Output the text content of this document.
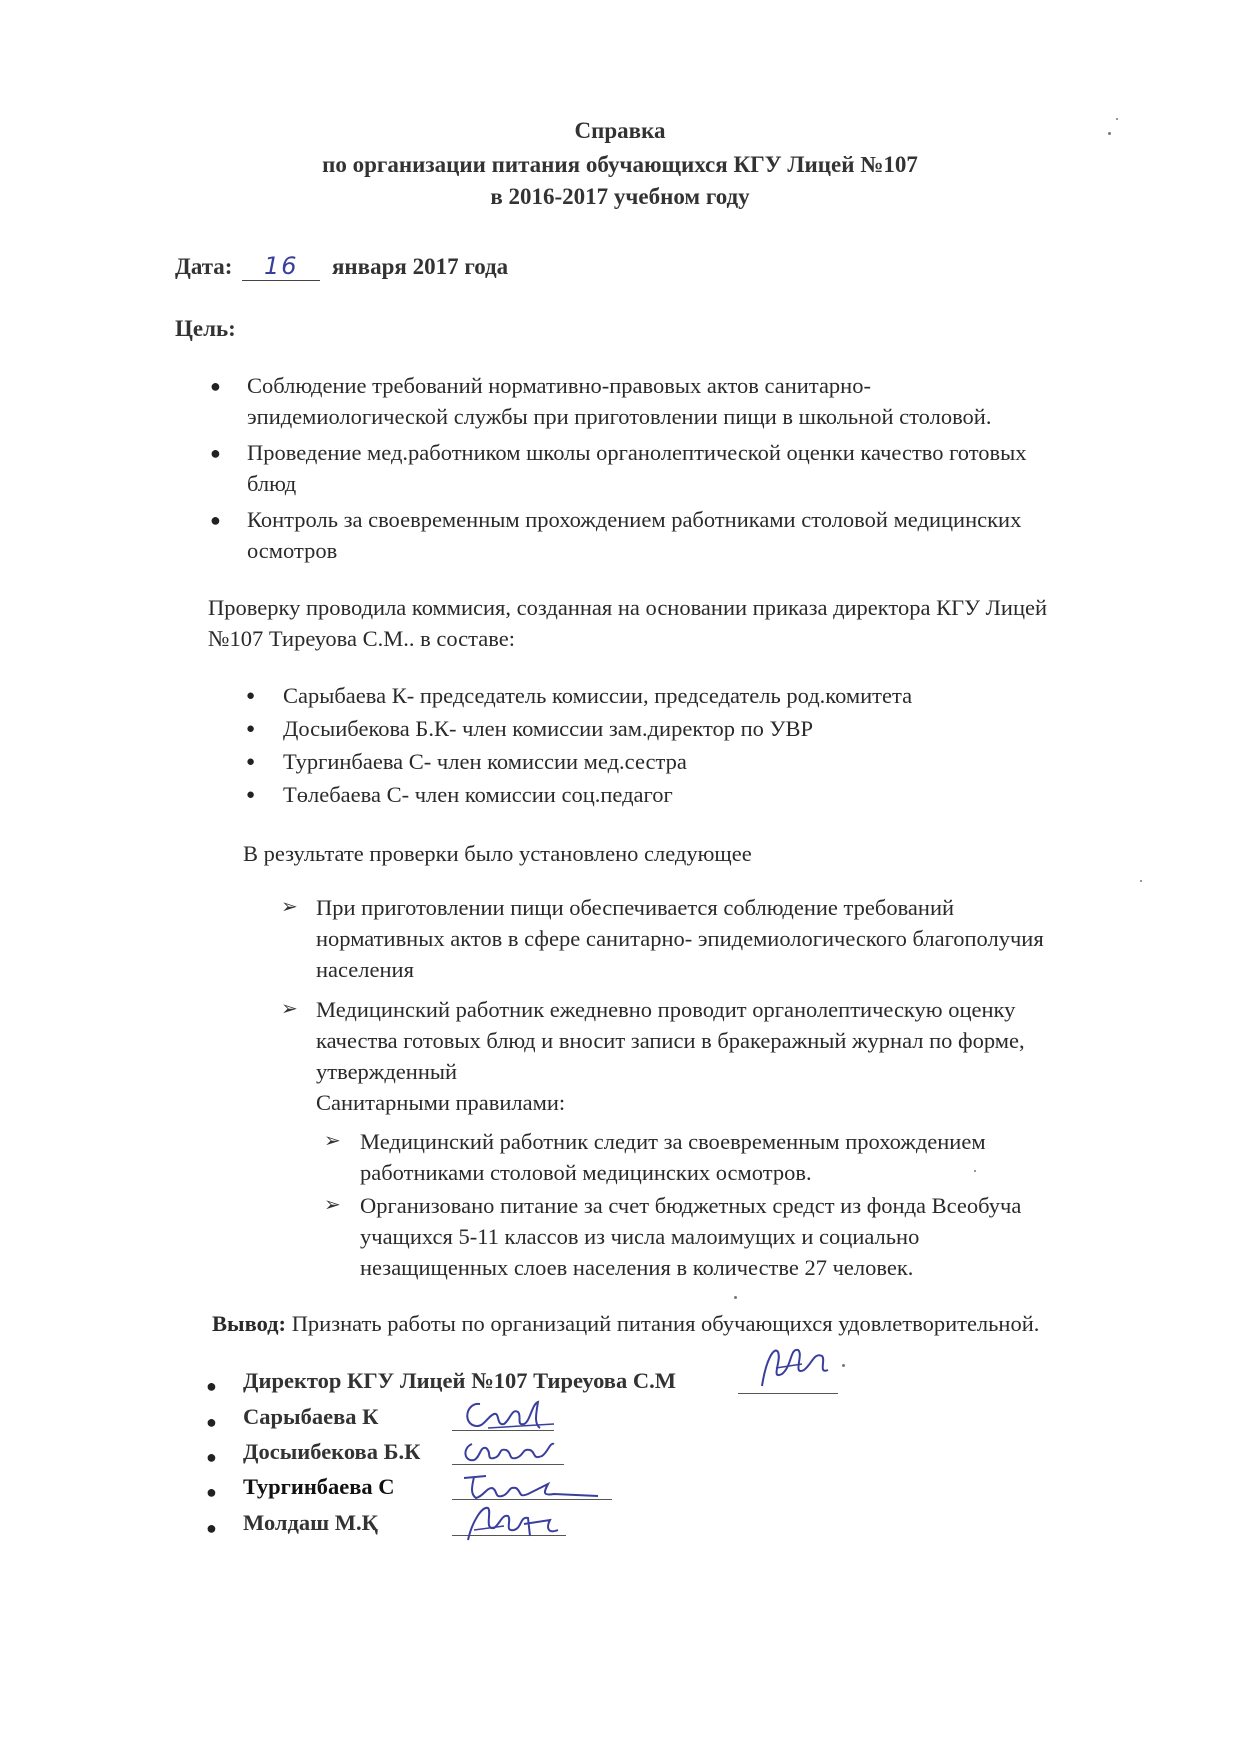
Справка
по организации питания обучающихся КГУ Лицей №107
в 2016-2017 учебном году
Дата: 16 января 2017 года
Цель:
● Соблюдение требований нормативно-правовых актов санитарно-
эпидемиологической службы при приготовлении пищи в школьной столовой.
● Проведение мед.работником школы органолептической оценки качество готовых
блюд
● Контроль за своевременным прохождением работниками столовой медицинских
осмотров
Проверку проводила коммисия, созданная на основании приказа директора КГУ Лицей
№107 Тиреуова С.М.. в составе:
● Сарыбаева К- председатель комиссии, председатель род.комитета
● Досыибекова Б.К- член комиссии зам.директор по УВР
● Тургинбаева С- член комиссии мед.сестра
● Төлебаева С- член комиссии соц.педагог
В результате проверки было установлено следующее
➢ При приготовлении пищи обеспечивается соблюдение требований
нормативных актов в сфере санитарно- эпидемиологического благополучия
населения
➢ Медицинский работник ежедневно проводит органолептическую оценку
качества готовых блюд и вносит записи в бракеражный журнал по форме,
утвержденный
Санитарными правилами:
➢ Медицинский работник следит за своевременным прохождением
работниками столовой медицинских осмотров.
➢ Организовано питание за счет бюджетных средст из фонда Всеобуча
учащихся 5-11 классов из числа малоимущих и социально
незащищенных слоев населения в количестве 27 человек.
Вывод: Признать работы по организаций питания обучающихся удовлетворительной.
● Директор КГУ Лицей №107 Тиреуова С.М
● Сарыбаева К
● Досыибекова Б.К
● Тургинбаева С
● Молдаш М.Қ
